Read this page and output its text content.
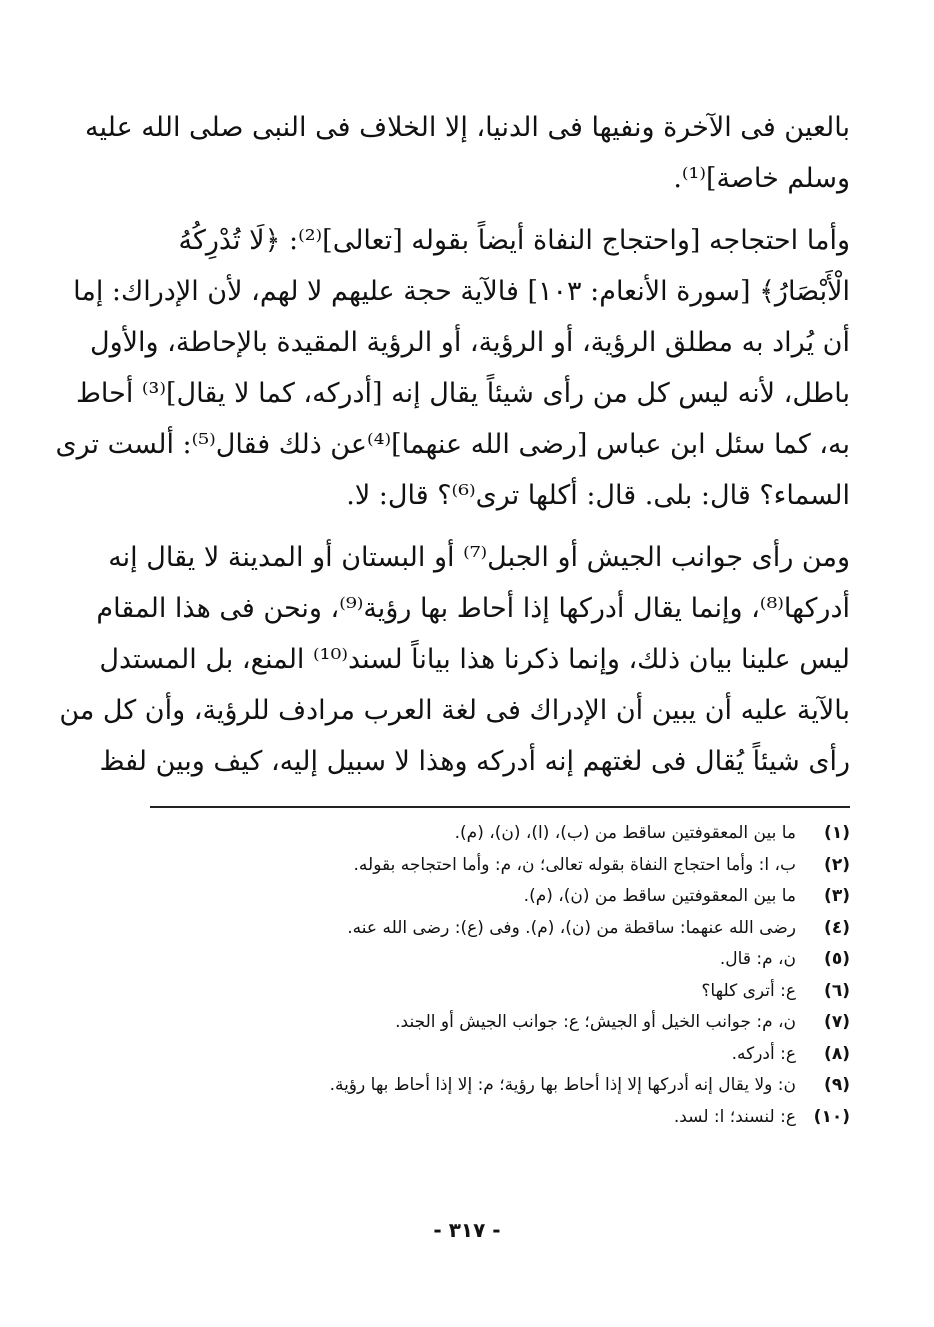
بالعين فى الآخرة ونفيها فى الدنيا، إلا الخلاف فى النبى صلى الله عليه
وسلم خاصة]⁽¹⁾.

وأما احتجاجه [واحتجاج النفاة أيضاً بقوله [تعالى]⁽²⁾: ﴿لَا تُدْرِكُهُ
الْأَبْصَارُ﴾ [سورة الأنعام: ١٠٣] فالآية حجة عليهم لا لهم، لأن الإدراك: إما
أن يُراد به مطلق الرؤية، أو الرؤية، أو الرؤية المقيدة بالإحاطة، والأول
باطل، لأنه ليس كل من رأى شيئاً يقال إنه [أدركه، كما لا يقال]⁽³⁾ أحاط
به، كما سئل ابن عباس [رضى الله عنهما]⁽⁴⁾عن ذلك فقال⁽⁵⁾: ألست ترى
السماء؟ قال: بلى. قال: أكلها ترى⁽⁶⁾؟ قال: لا.

ومن رأى جوانب الجيش أو الجبل⁽⁷⁾ أو البستان أو المدينة لا يقال إنه
أدركها⁽⁸⁾، وإنما يقال أدركها إذا أحاط بها رؤية⁽⁹⁾، ونحن فى هذا المقام
ليس علينا بيان ذلك، وإنما ذكرنا هذا بياناً لسند⁽¹⁰⁾ المنع، بل المستدل
بالآية عليه أن يبين أن الإدراك فى لغة العرب مرادف للرؤية، وأن كل من
رأى شيئاً يُقال فى لغتهم إنه أدركه وهذا لا سبيل إليه، كيف وبين لفظ

(١)
ما بين المعقوفتين ساقط من (ب)، (ا)، (ن)، (م).
(٢)
ب، ا: وأما احتجاج النفاة بقوله تعالى؛ ن، م: وأما احتجاجه بقوله.
(٣)
ما بين المعقوفتين ساقط من (ن)، (م).
(٤)
رضى الله عنهما: ساقطة من (ن)، (م). وفى (ع): رضى الله عنه.
(٥)
ن، م: قال.
(٦)
ع: أترى كلها؟
(٧)
ن، م: جوانب الخيل أو الجيش؛ ع: جوانب الجيش أو الجند.
(٨)
ع: أدركه.
(٩)
ن: ولا يقال إنه أدركها إلا إذا أحاط بها رؤية؛ م: إلا إذا أحاط بها رؤية.
(١٠)
ع: لنسند؛ ا: لسد.
- ٣١٧ -
